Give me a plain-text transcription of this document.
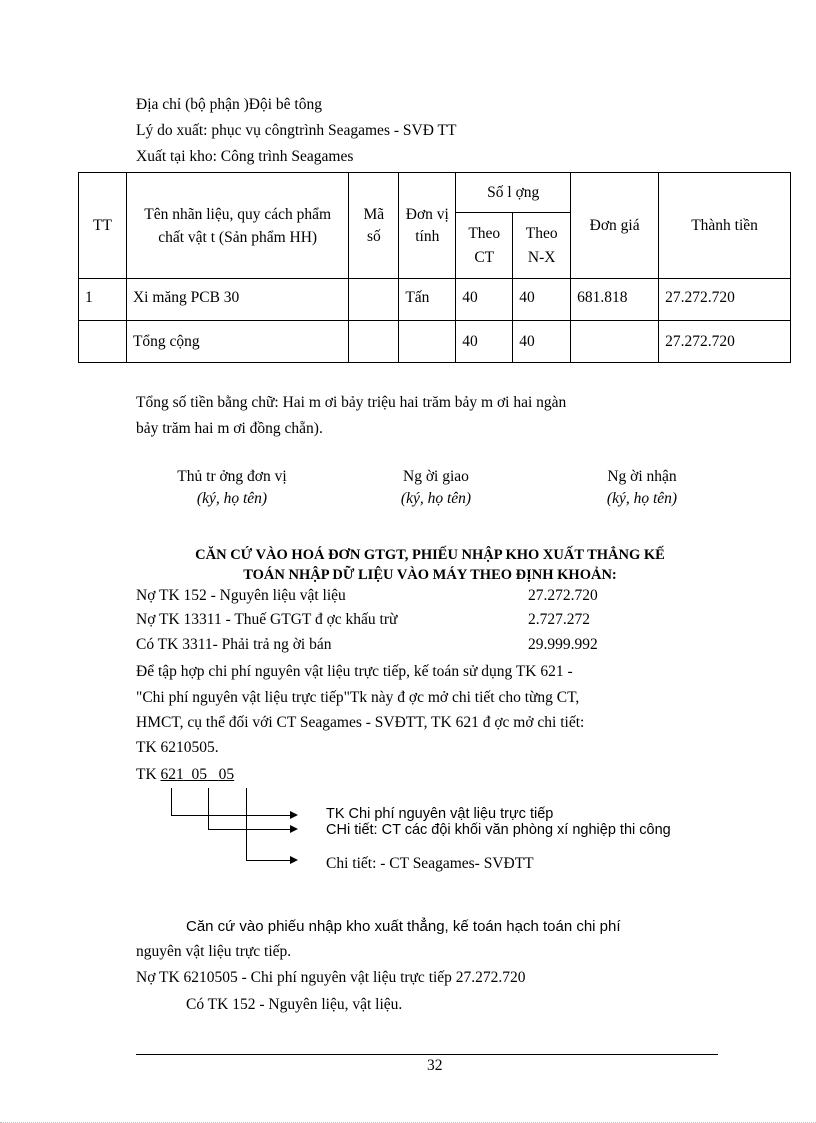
Địa chỉ (bộ phận )Đội bê tông
Lý do xuất: phục vụ côngtrình Seagames - SVĐ TT
Xuất tại kho: Công trình Seagames
TT	Tên nhãn liệu, quy cách phẩm chất vật t (Sản phẩm HH)	Mã số	Đơn vị tính	Số l ợng		Đơn giá	Thành tiền
				Theo CT	Theo N-X		
1	Xi măng PCB 30		Tấn	40	40	681.818	27.272.720
	Tổng cộng			40	40		27.272.720
Tổng số tiền bằng chữ: Hai m ơi bảy triệu hai trăm bảy m ơi hai ngàn
bảy trăm hai m ơi đồng chẵn).
Thủ tr ởng đơn vị
(ký, họ tên)
Ng ời giao
(ký, họ tên)
Ng ời nhận
(ký, họ tên)
CĂN CỨ VÀO HOÁ ĐƠN GTGT, PHIẾU NHẬP KHO XUẤT THẲNG KẾ
TOÁN NHẬP DỮ LIỆU VÀO MÁY THEO ĐỊNH KHOẢN:
Nợ TK 152 - Nguyên liệu vật liệu	27.272.720
Nợ TK 13311 - Thuế GTGT đ ợc khấu trừ	2.727.272
Có TK 3311- Phải trả ng ời bán	29.999.992
Để tập hợp chi phí nguyên vật liệu trực tiếp, kế toán sử dụng TK 621 -
"Chi phí nguyên vật liệu trực tiếp"Tk này đ ợc mở chi tiết cho từng CT,
HMCT, cụ thể đối với CT Seagames - SVĐTT, TK 621 đ ợc mở chi tiết:
TK 6210505.
TK 621 05 05
TK Chi phí nguyên vật liệu trực tiếp
CHi tiết: CT các đội khối văn phòng xí nghiệp thi công
Chi tiết: - CT Seagames- SVĐTT
Căn cứ vào phiếu nhập kho xuất thẳng, kế toán hạch toán chi phí
nguyên vật liệu trực tiếp.
Nợ TK 6210505 - Chi phí nguyên vật liệu trực tiếp 27.272.720
Có TK 152 - Nguyên liệu, vật liệu.
32
